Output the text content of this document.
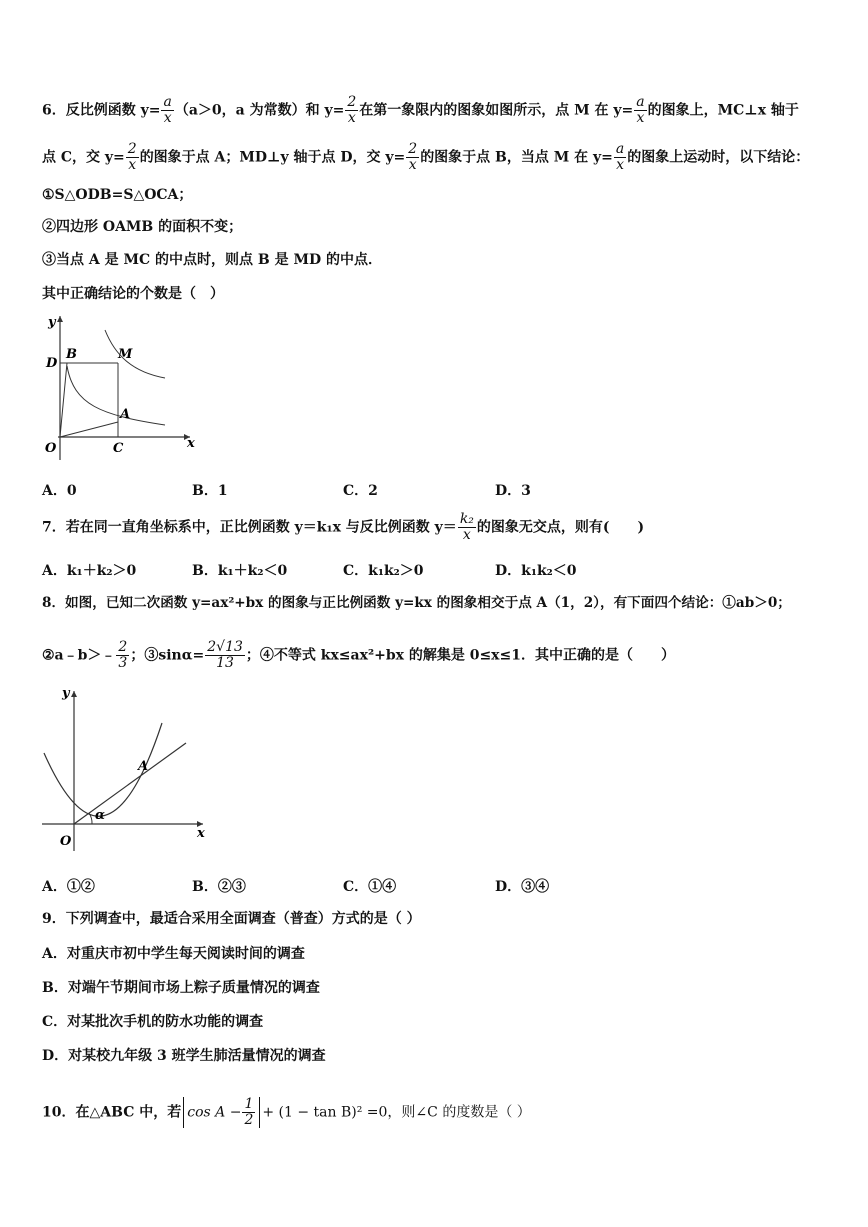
6．反比例函数 $y= \frac{a}{x} (a>0$，a 为常数）和 $y= \frac{2}{x}$ 在第一象限内的图象如图所示，点 M 在 $y= \frac{a}{x}$ 的图象上，MC⊥x 轴于
点 C，交 $y= \frac{2}{x}$ 的图象于点 A；MD⊥y 轴于点 D，交 $y= \frac{2}{x}$ 的图象于点 B，当点 M 在 $y= \frac{a}{x}$ 的图象上运动时，以下结论：
①S△ODB=S△OCA；
②四边形 OAMB 的面积不变；
③当点 A 是 MC 的中点时，则点 B 是 MD 的中点．
其中正确结论的个数是（　）
y
x
O
D
B	M
A
C
A．0	B．1	C．2	D．3
7．若在同一直角坐标系中，正比例函数 y＝k₁x 与反比例函数 $y= \frac{\text{k₂}}{x}$ 的图象无交点，则有(　　)
A．k₁＋k₂＞0	B．k₁＋k₂＜0	C．k₁k₂＞0	D．k₁k₂＜0
8．如图，已知二次函数 y=ax²+bx 的图象与正比例函数 y=kx 的图象相交于点 A（1，2），有下面四个结论：①ab＞0；
②a﹣b＞﹣ $\frac{2}{3}$ ；③sinα= $\frac{2√13}{13}$ ；④不等式 kx≤ax²+bx 的解集是 0≤x≤1．其中正确的是（　　）
y
x
O
A
α
A．①②	B．②③	C．①④	D．③④
9．下列调查中，最适合采用全面调查（普查）方式的是（ ）
A．对重庆市初中学生每天阅读时间的调查
B．对端午节期间市场上粽子质量情况的调查
C．对某批次手机的防水功能的调查
D．对某校九年级 3 班学生肺活量情况的调查
10．在△ABC 中，若 $\cos A - \frac{1}{2} + (1 - \tan B)^2 =0$，则∠C 的度数是（ ）
